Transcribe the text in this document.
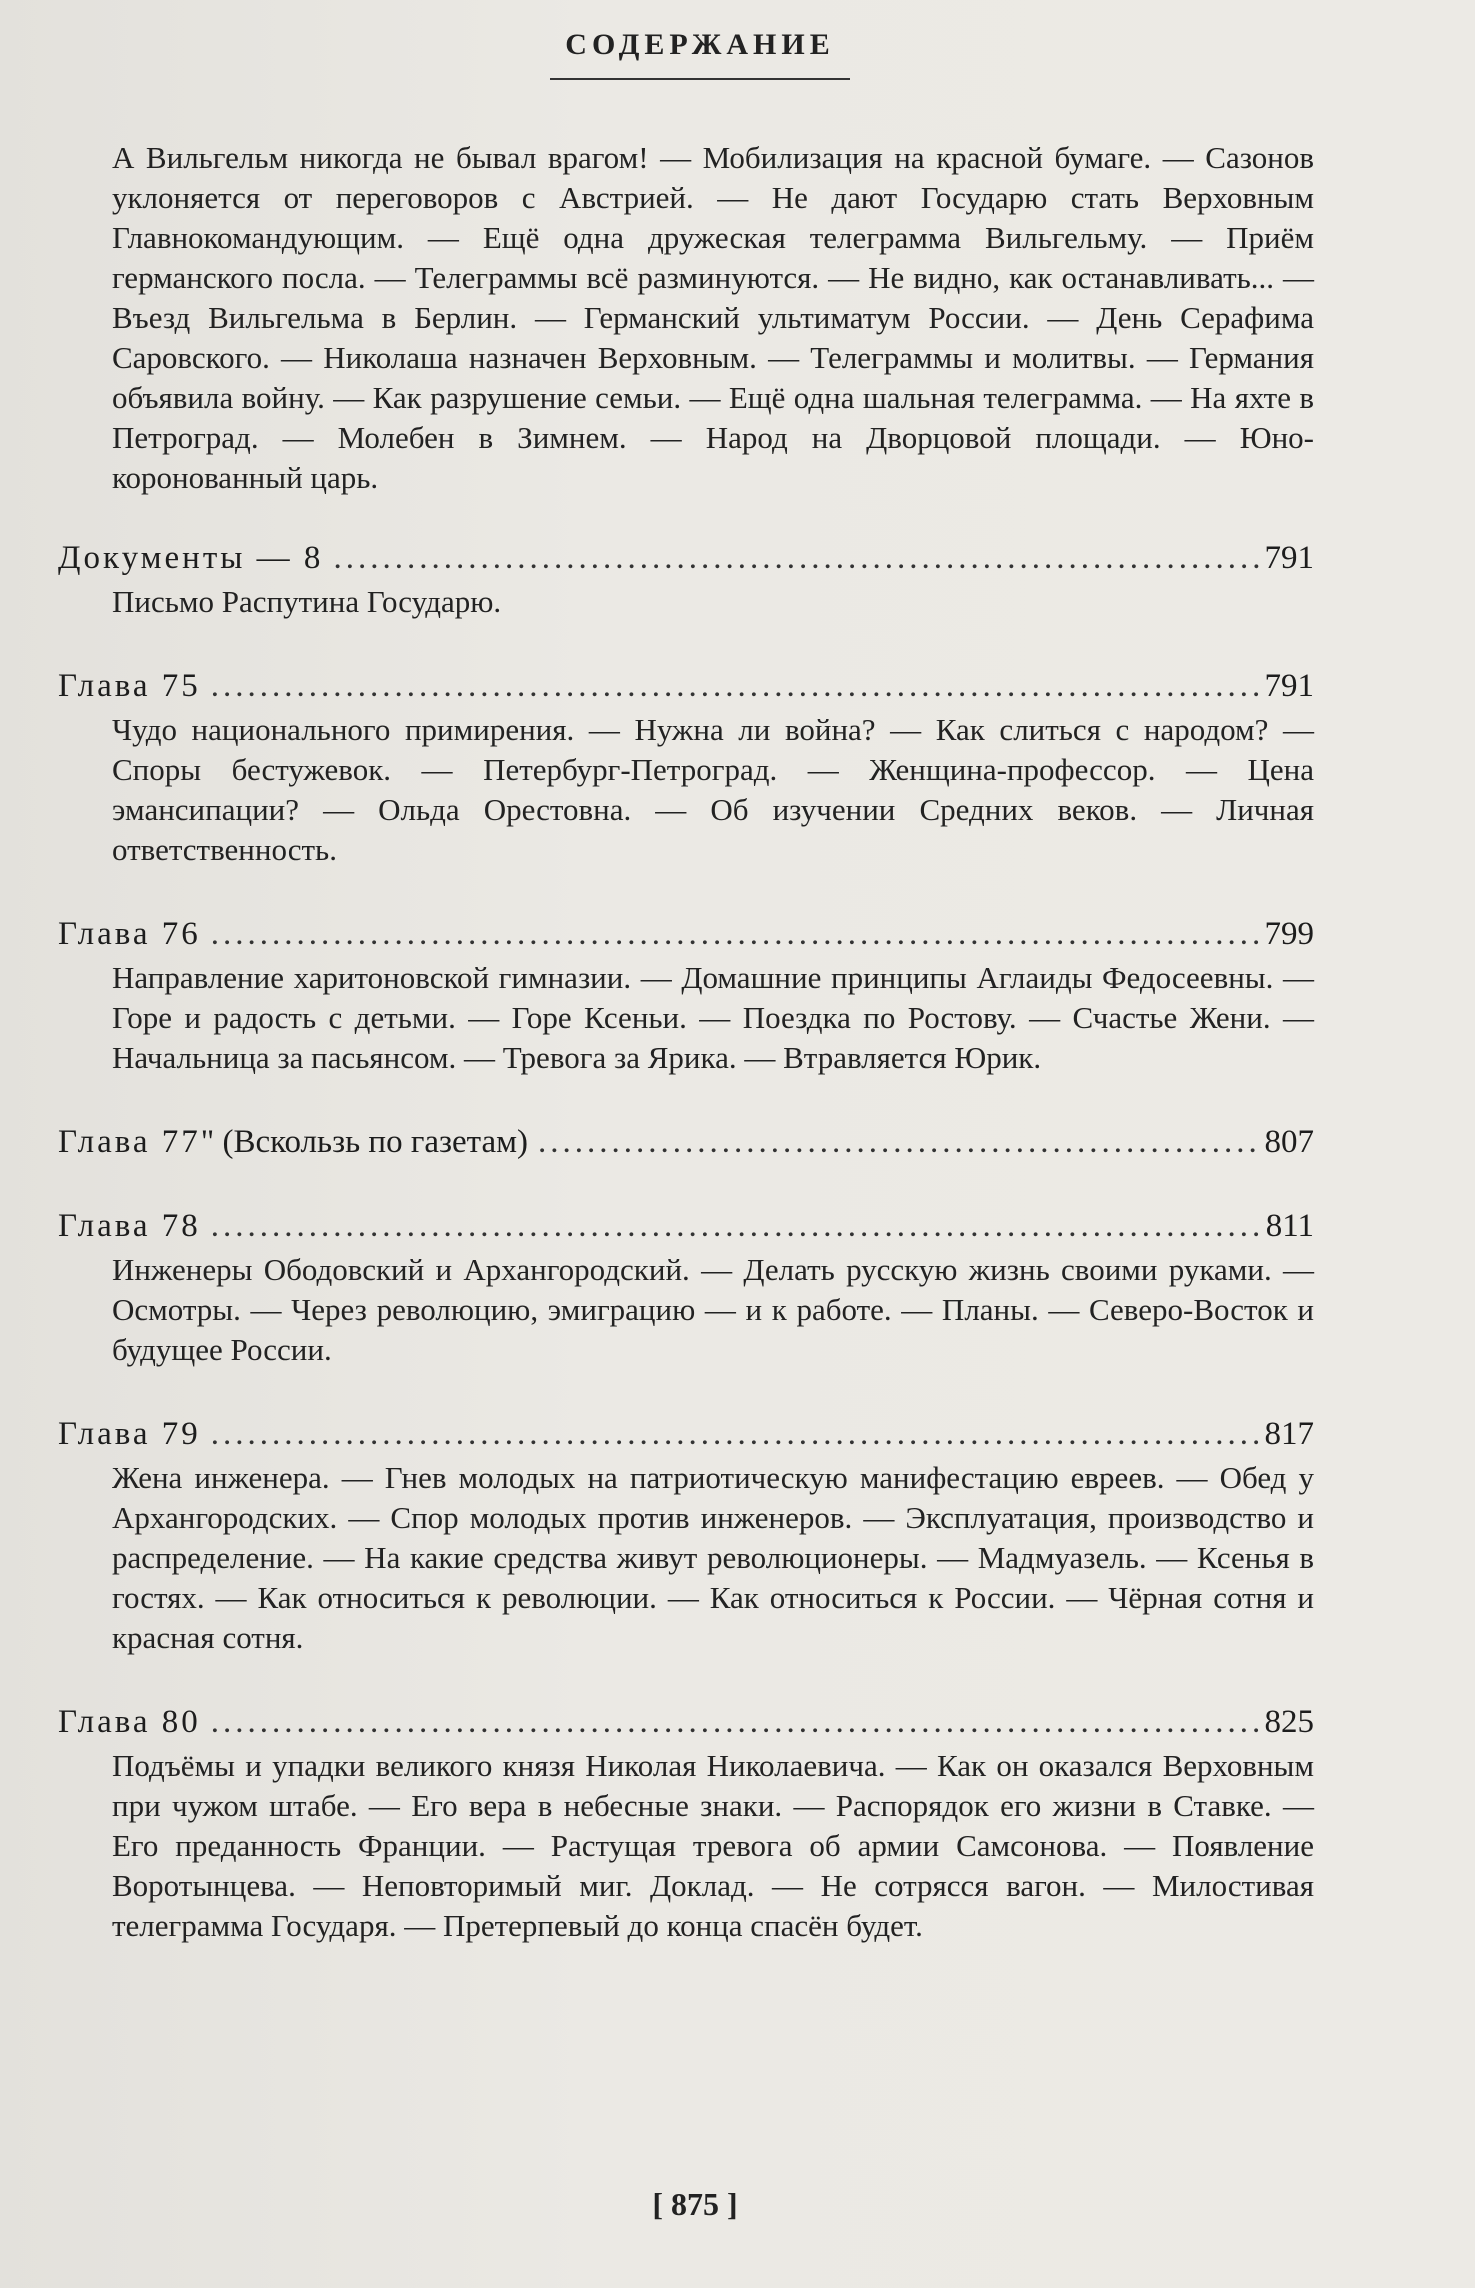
СОДЕРЖАНИЕ

А Вильгельм никогда не бывал врагом! — Мобилизация на красной бумаге. — Сазонов уклоняется от переговоров с Австрией. — Не дают Государю стать Верховным Главнокомандующим. — Ещё одна дружеская телеграмма Вильгельму. — Приём германского посла. — Телеграммы всё разминуются. — Не видно, как останавливать... — Въезд Вильгельма в Берлин. — Германский ультиматум России. — День Серафима Саровского. — Николаша назначен Верховным. — Телеграммы и молитвы. — Германия объявила войну. — Как разрушение семьи. — Ещё одна шальная телеграмма. — На яхте в Петроград. — Молебен в Зимнем. — Народ на Дворцовой площади. — Юно-коронованный царь.

Документы — 8 .....	791

Письмо Распутина Государю.

Глава 75 .....	791

Чудо национального примирения. — Нужна ли война? — Как слиться с народом? — Споры бестужевок. — Петербург-Петроград. — Женщина-профессор. — Цена эмансипации? — Ольда Орестовна. — Об изучении Средних веков. — Личная ответственность.

Глава 76 .....	799

Направление харитоновской гимназии. — Домашние принципы Аглаиды Федосеевны. — Горе и радость с детьми. — Горе Ксеньи. — Поездка по Ростову. — Счастье Жени. — Начальница за пасьянсом. — Тревога за Ярика. — Втравляется Юрик.

Глава 77" (Вскользь по газетам) .....	807
Глава 78 .....	811

Инженеры Ободовский и Архангородский. — Делать русскую жизнь своими руками. — Осмотры. — Через революцию, эмиграцию — и к работе. — Планы. — Северо-Восток и будущее России.

Глава 79 .....	817

Жена инженера. — Гнев молодых на патриотическую манифестацию евреев. — Обед у Архангородских. — Спор молодых против инженеров. — Эксплуатация, производство и распределение. — На какие средства живут революционеры. — Мадмуазель. — Ксенья в гостях. — Как относиться к революции. — Как относиться к России. — Чёрная сотня и красная сотня.

Глава 80 .....	825

Подъёмы и упадки великого князя Николая Николаевича. — Как он оказался Верховным при чужом штабе. — Его вера в небесные знаки. — Распорядок его жизни в Ставке. — Его преданность Франции. — Растущая тревога об армии Самсонова. — Появление Воротынцева. — Неповторимый миг. Доклад. — Не сотрясся вагон. — Милостивая телеграмма Государя. — Претерпевый до конца спасён будет.

[ 875 ]
